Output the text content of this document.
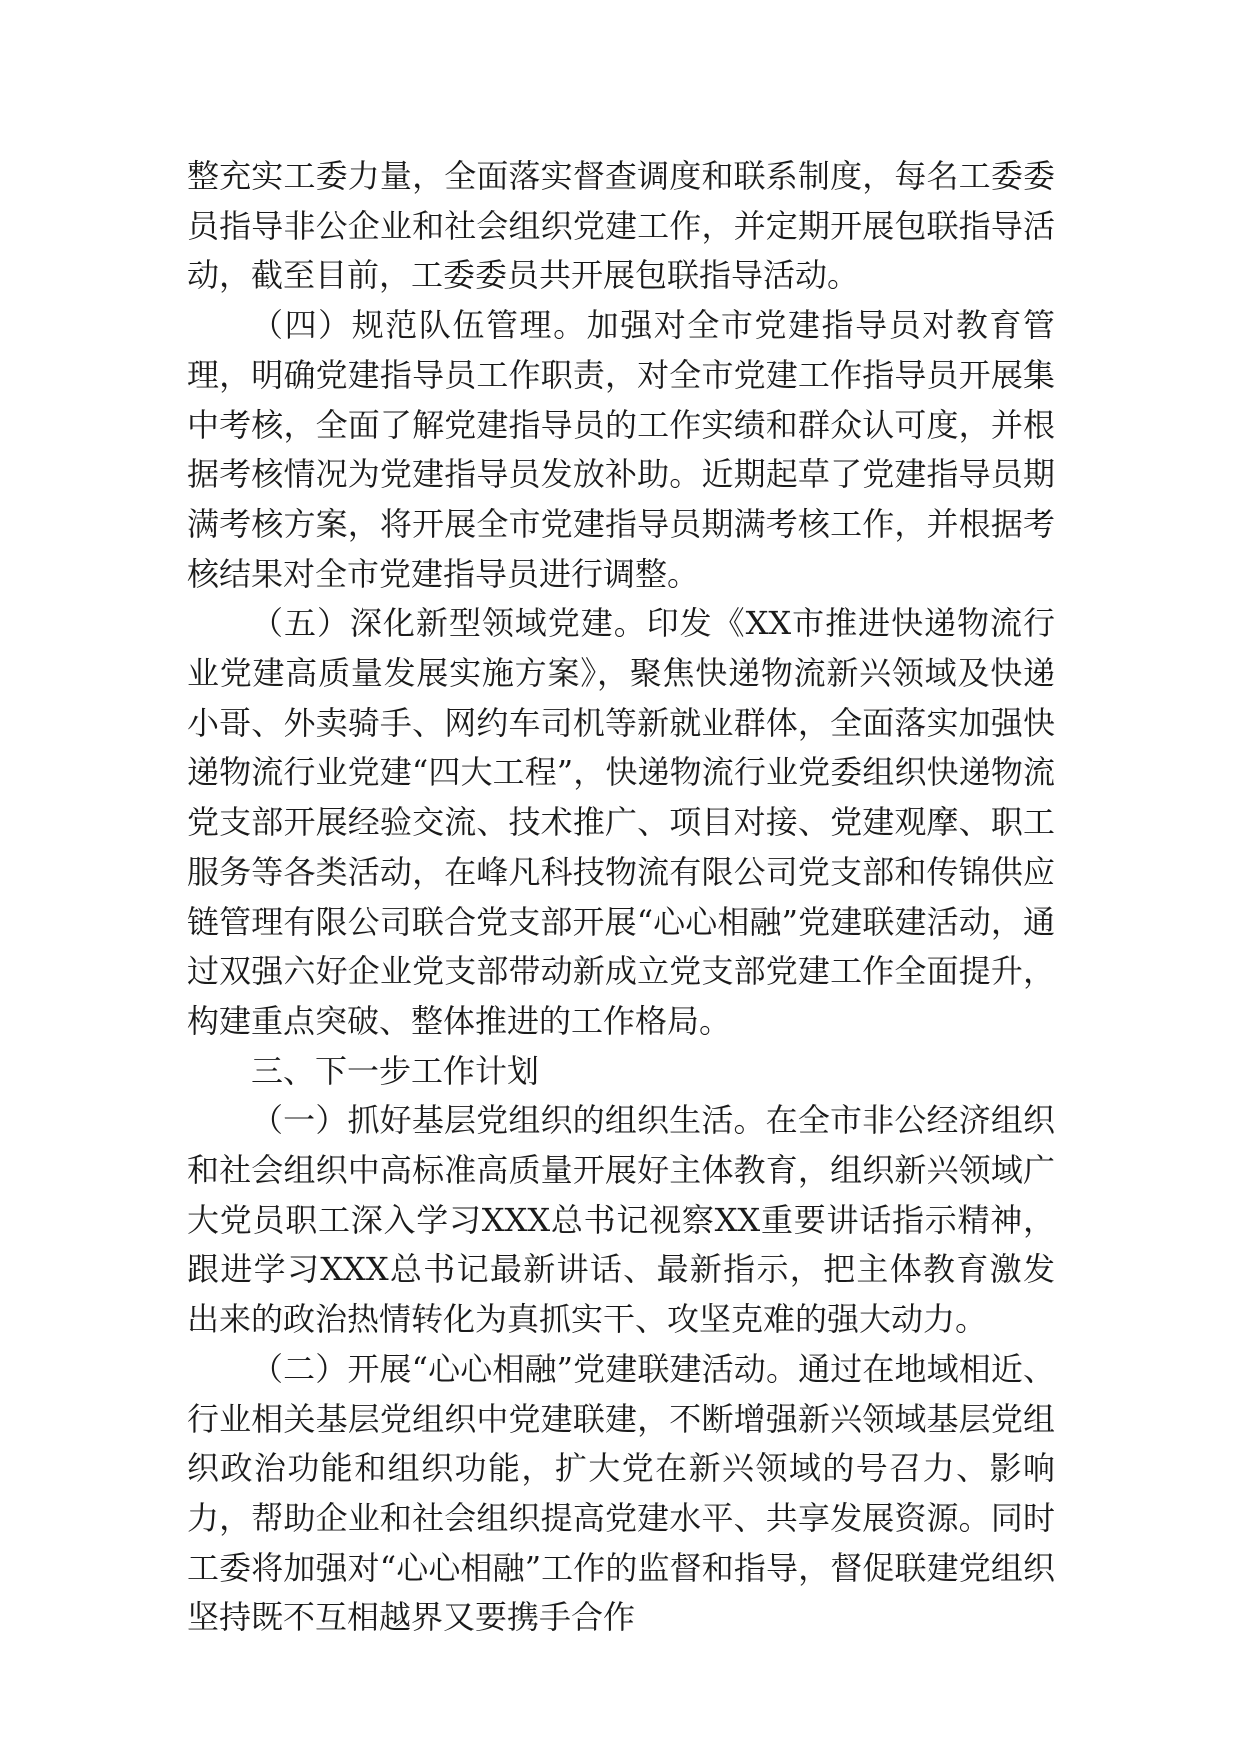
整充实工委力量，全面落实督查调度和联系制度，每名工委委员指导非公企业和社会组织党建工作，并定期开展包联指导活动，截至目前，工委委员共开展包联指导活动。

（四）规范队伍管理。加强对全市党建指导员对教育管理，明确党建指导员工作职责，对全市党建工作指导员开展集中考核，全面了解党建指导员的工作实绩和群众认可度，并根据考核情况为党建指导员发放补助。近期起草了党建指导员期满考核方案，将开展全市党建指导员期满考核工作，并根据考核结果对全市党建指导员进行调整。

（五）深化新型领域党建。印发《XX市推进快递物流行业党建高质量发展实施方案》，聚焦快递物流新兴领域及快递小哥、外卖骑手、网约车司机等新就业群体，全面落实加强快递物流行业党建“四大工程”，快递物流行业党委组织快递物流党支部开展经验交流、技术推广、项目对接、党建观摩、职工服务等各类活动，在峰凡科技物流有限公司党支部和传锦供应链管理有限公司联合党支部开展“心心相融”党建联建活动，通过双强六好企业党支部带动新成立党支部党建工作全面提升，构建重点突破、整体推进的工作格局。

三、下一步工作计划

（一）抓好基层党组织的组织生活。在全市非公经济组织和社会组织中高标准高质量开展好主体教育，组织新兴领域广大党员职工深入学习XXX总书记视察XX重要讲话指示精神，跟进学习XXX总书记最新讲话、最新指示，把主体教育激发出来的政治热情转化为真抓实干、攻坚克难的强大动力。

（二）开展“心心相融”党建联建活动。通过在地域相近、行业相关基层党组织中党建联建，不断增强新兴领域基层党组织政治功能和组织功能，扩大党在新兴领域的号召力、影响力，帮助企业和社会组织提高党建水平、共享发展资源。同时工委将加强对“心心相融”工作的监督和指导，督促联建党组织坚持既不互相越界又要携手合作
